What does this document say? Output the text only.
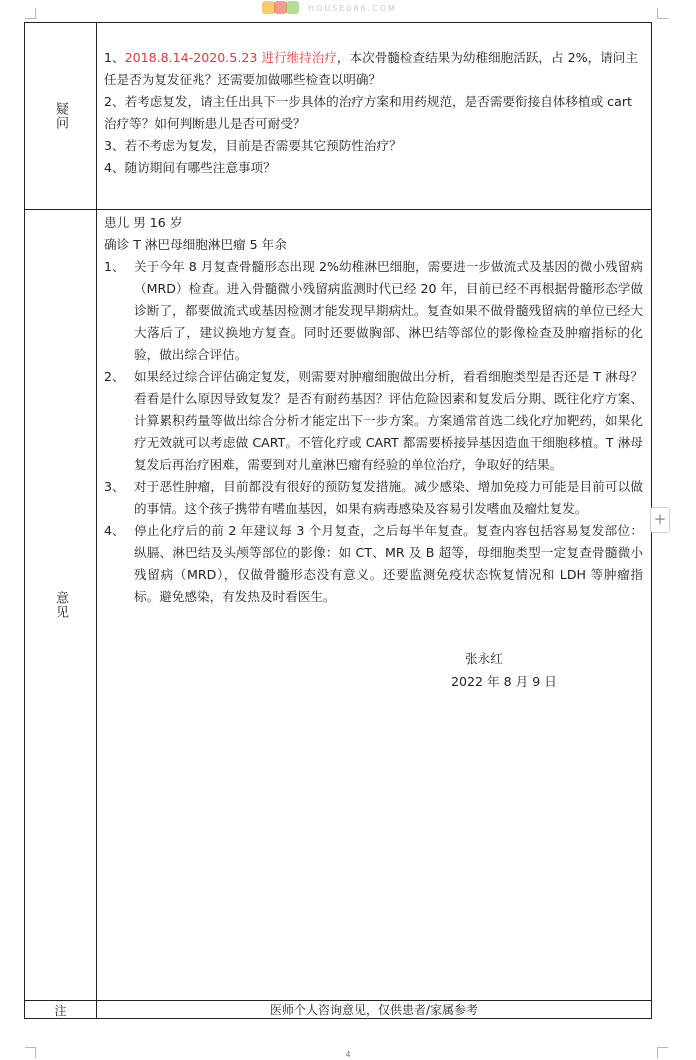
HOUSE086.COM
疑问

1、2018.8.14-2020.5.23 进行维持治疗，本次骨髓检查结果为幼稚细胞活跃，占 2%，请问主任是否为复发征兆？还需要加做哪些检查以明确？

2、若考虑复发，请主任出具下一步具体的治疗方案和用药规范，是否需要衔接自体移植或 cart 治疗等？如何判断患儿是否可耐受？

3、若不考虑为复发，目前是否需要其它预防性治疗？

4、随访期间有哪些注意事项？

意见

患儿 男 16 岁

确诊 T 淋巴母细胞淋巴瘤 5 年余

1、 关于今年 8 月复查骨髓形态出现 2%幼稚淋巴细胞，需要进一步做流式及基因的微小残留病（MRD）检查。进入骨髓微小残留病监测时代已经 20 年，目前已经不再根据骨髓形态学做诊断了，都要做流式或基因检测才能发现早期病灶。复查如果不做骨髓残留病的单位已经大大落后了，建议换地方复查。同时还要做胸部、淋巴结等部位的影像检查及肿瘤指标的化验，做出综合评估。
2、 如果经过综合评估确定复发，则需要对肿瘤细胞做出分析，看看细胞类型是否还是 T 淋母？看看是什么原因导致复发？是否有耐药基因？评估危险因素和复发后分期、既往化疗方案、计算累积药量等做出综合分析才能定出下一步方案。方案通常首选二线化疗加靶药，如果化疗无效就可以考虑做 CART。不管化疗或 CART 都需要桥接异基因造血干细胞移植。T 淋母复发后再治疗困难，需要到对儿童淋巴瘤有经验的单位治疗，争取好的结果。
3、 对于恶性肿瘤，目前都没有很好的预防复发措施。减少感染、增加免疫力可能是目前可以做的事情。这个孩子携带有嗜血基因，如果有病毒感染及容易引发嗜血及瘤灶复发。
4、 停止化疗后的前 2 年建议每 3 个月复查，之后每半年复查。复查内容包括容易复发部位：纵膈、淋巴结及头颅等部位的影像：如 CT、MR 及 B 超等，母细胞类型一定复查骨髓微小残留病（MRD），仅做骨髓形态没有意义。还要监测免疫状态恢复情况和 LDH 等肿瘤指标。避免感染，有发热及时看医生。
张永红
2022 年 8 月 9 日
注	医师个人咨询意见，仅供患者/家属参考
+
4
